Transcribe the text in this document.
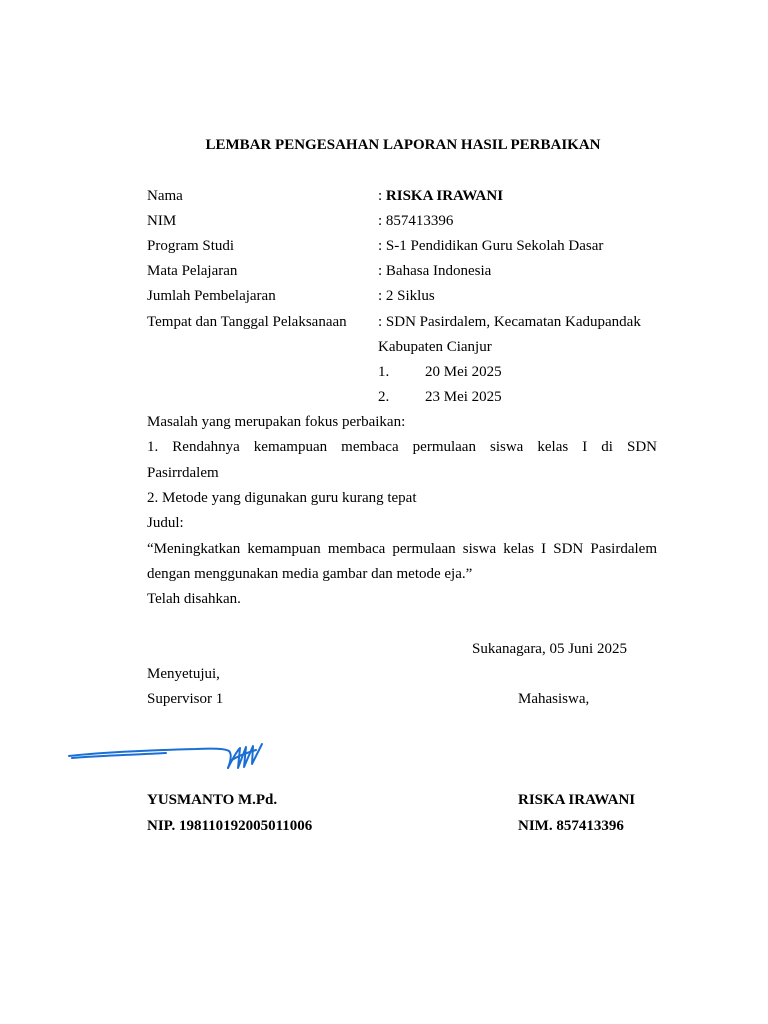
LEMBAR PENGESAHAN LAPORAN HASIL PERBAIKAN
Nama	: RISKA IRAWANI
NIM	: 857413396
Program Studi	: S-1 Pendidikan Guru Sekolah Dasar
Mata Pelajaran	: Bahasa Indonesia
Jumlah Pembelajaran	: 2 Siklus
Tempat dan Tanggal Pelaksanaan : SDN Pasirdalem, Kecamatan Kadupandak
Kabupaten Cianjur
1. 20 Mei 2025
2. 23 Mei 2025
Masalah yang merupakan fokus perbaikan:
1. Rendahnya kemampuan membaca permulaan siswa kelas I di SDN
Pasirrdalem
2. Metode yang digunakan guru kurang tepat
Judul:
“Meningkatkan kemampuan membaca permulaan siswa kelas I SDN Pasirdalem
dengan menggunakan media gambar dan metode eja.”
Telah disahkan.
Sukanagara, 05 Juni 2025
Menyetujui,
Supervisor 1	Mahasiswa,
YUSMANTO M.Pd.
NIP. 198110192005011006
RISKA IRAWANI
NIM. 857413396
